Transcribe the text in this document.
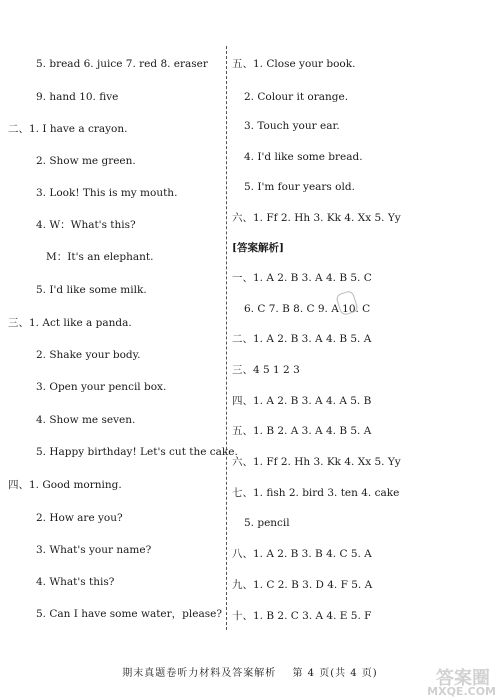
5. bread 6. juice 7. red 8. eraser
9. hand 10. five
二、1. I have a crayon.
2. Show me green.
3. Look! This is my mouth.
4. W：What's this?
M：It's an elephant.
5. I'd like some milk.
三、1. Act like a panda.
2. Shake your body.
3. Open your pencil box.
4. Show me seven.
5. Happy birthday! Let's cut the cake.
四、1. Good morning.
2. How are you?
3. What's your name?
4. What's this?
5. Can I have some water，please?
五、1. Close your book.
2. Colour it orange.
3. Touch your ear.
4. I'd like some bread.
5. I'm four years old.
六、1. Ff 2. Hh 3. Kk 4. Xx 5. Yy
[答案解析]
一、1. A 2. B 3. A 4. B 5. C
6. C 7. B 8. C 9. A 10. C
二、1. A 2. B 3. A 4. B 5. A
三、4 5 1 2 3
四、1. A 2. B 3. A 4. A 5. B
五、1. B 2. A 3. A 4. B 5. A
六、1. Ff 2. Hh 3. Kk 4. Xx 5. Yy
七、1. fish 2. bird 3. ten 4. cake
5. pencil
八、1. A 2. B 3. B 4. C 5. A
九、1. C 2. B 3. D 4. F 5. A
十、1. B 2. C 3. A 4. E 5. F
期末真题卷听力材料及答案解析 第 4 页(共 4 页)	答案圈
MXQE.COM
